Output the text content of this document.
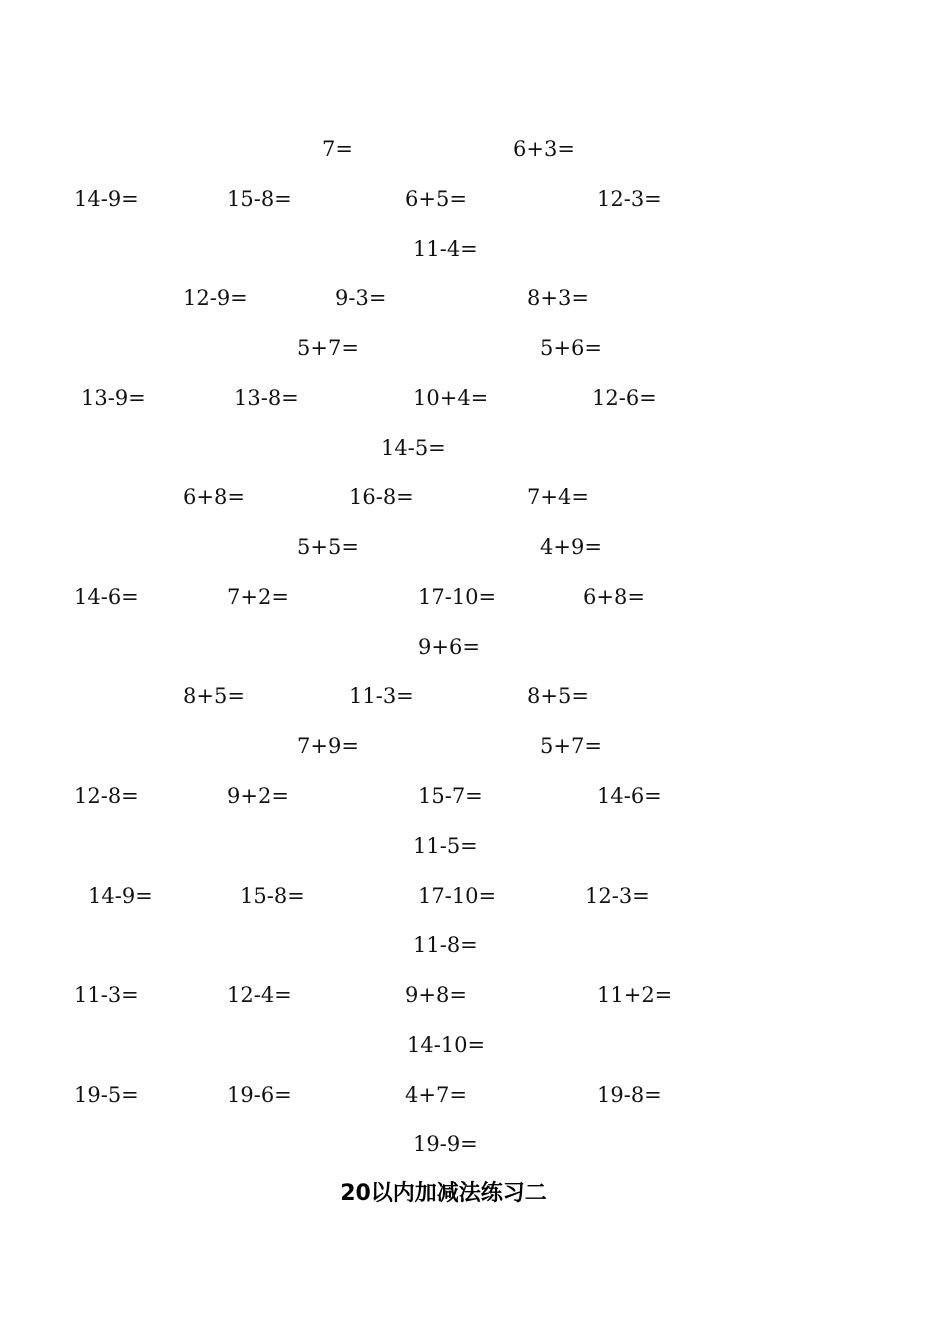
20以内加减法练习二
7=	6+3=
14-9=	15-8=	6+5=	12-3=
11-4=
12-9=	9-3=	8+3=
5+7=	5+6=
13-9=	13-8=	10+4=	12-6=
14-5=
6+8=	16-8=	7+4=
5+5=	4+9=
14-6=	7+2=	17-10=	6+8=
9+6=
8+5=	11-3=	8+5=
7+9=	5+7=
12-8=	9+2=	15-7=	14-6=
11-5=
14-9=	15-8=	17-10=	12-3=
11-8=
11-3=	12-4=	9+8=	11+2=
14-10=
19-5=	19-6=	4+7=	19-8=
19-9=
